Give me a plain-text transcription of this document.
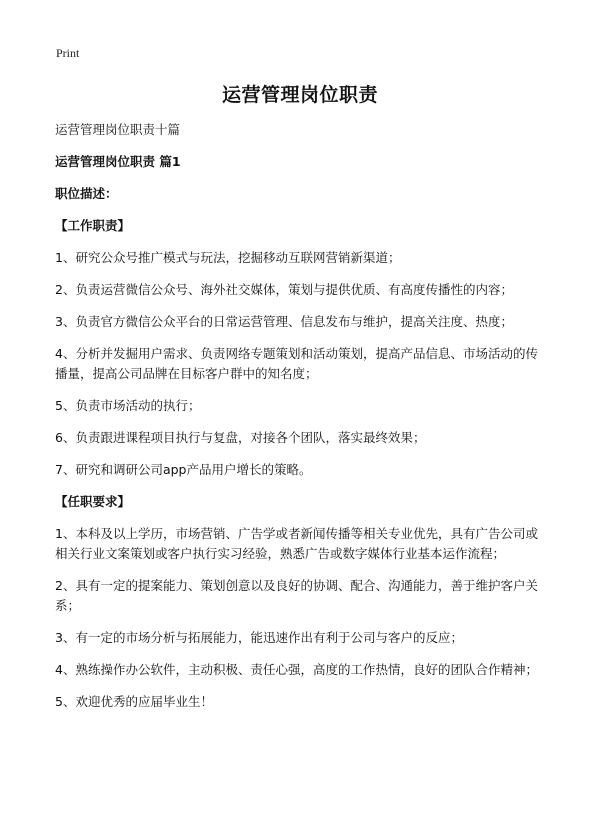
Print
运营管理岗位职责

运营管理岗位职责十篇

运营管理岗位职责 篇1

职位描述：

【工作职责】

1、研究公众号推广模式与玩法，挖掘移动互联网营销新渠道；

2、负责运营微信公众号、海外社交媒体，策划与提供优质、有高度传播性的内容；

3、负责官方微信公众平台的日常运营管理、信息发布与维护，提高关注度、热度；

4、分析并发掘用户需求、负责网络专题策划和活动策划，提高产品信息、市场活动的传播量，提高公司品牌在目标客户群中的知名度；

5、负责市场活动的执行；

6、负责跟进课程项目执行与复盘，对接各个团队，落实最终效果；

7、研究和调研公司app产品用户增长的策略。

【任职要求】

1、本科及以上学历，市场营销、广告学或者新闻传播等相关专业优先，具有广告公司或相关行业文案策划或客户执行实习经验，熟悉广告或数字媒体行业基本运作流程；

2、具有一定的提案能力、策划创意以及良好的协调、配合、沟通能力，善于维护客户关系；

3、有一定的市场分析与拓展能力，能迅速作出有利于公司与客户的反应；

4、熟练操作办公软件，主动积极、责任心强，高度的工作热情，良好的团队合作精神；

5、欢迎优秀的应届毕业生！
